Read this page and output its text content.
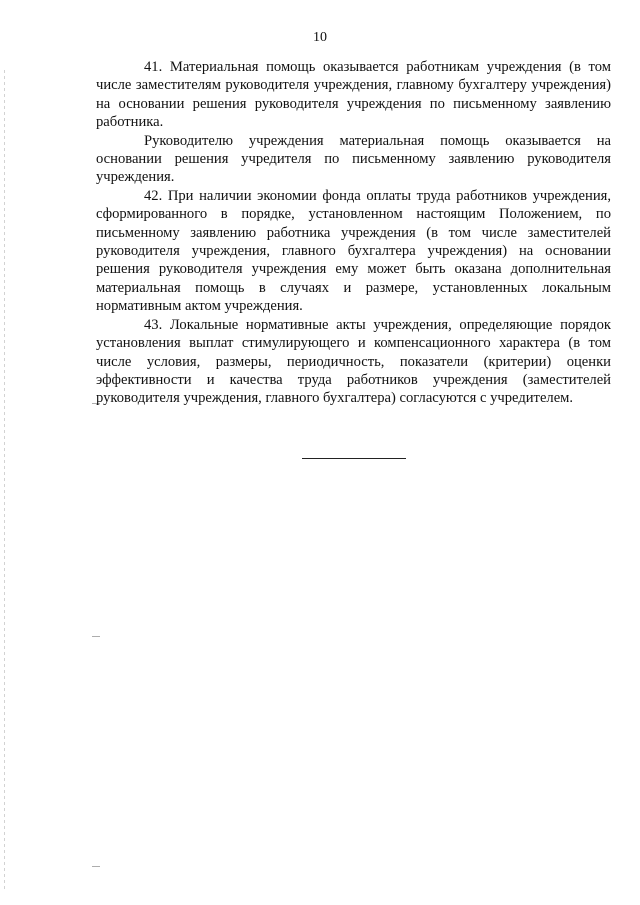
10

41. Материальная помощь оказывается работникам учреждения (в том числе заместителям руководителя учреждения, главному бухгалтеру учреждения) на основании решения руководителя учреждения по письменному заявлению работника.

Руководителю учреждения материальная помощь оказывается на основании решения учредителя по письменному заявлению руководителя учреждения.

42. При наличии экономии фонда оплаты труда работников учреждения, сформированного в порядке, установленном настоящим Положением, по письменному заявлению работника учреждения (в том числе заместителей руководителя учреждения, главного бухгалтера учреждения) на основании решения руководителя учреждения ему может быть оказана дополнительная материальная помощь в случаях и размере, установленных локальным нормативным актом учреждения.

43. Локальные нормативные акты учреждения, определяющие порядок установления выплат стимулирующего и компенсационного характера (в том числе условия, размеры, периодичность, показатели (критерии) оценки эффективности и качества труда работников учреждения (заместителей руководителя учреждения, главного бухгалтера) согласуются с учредителем.
